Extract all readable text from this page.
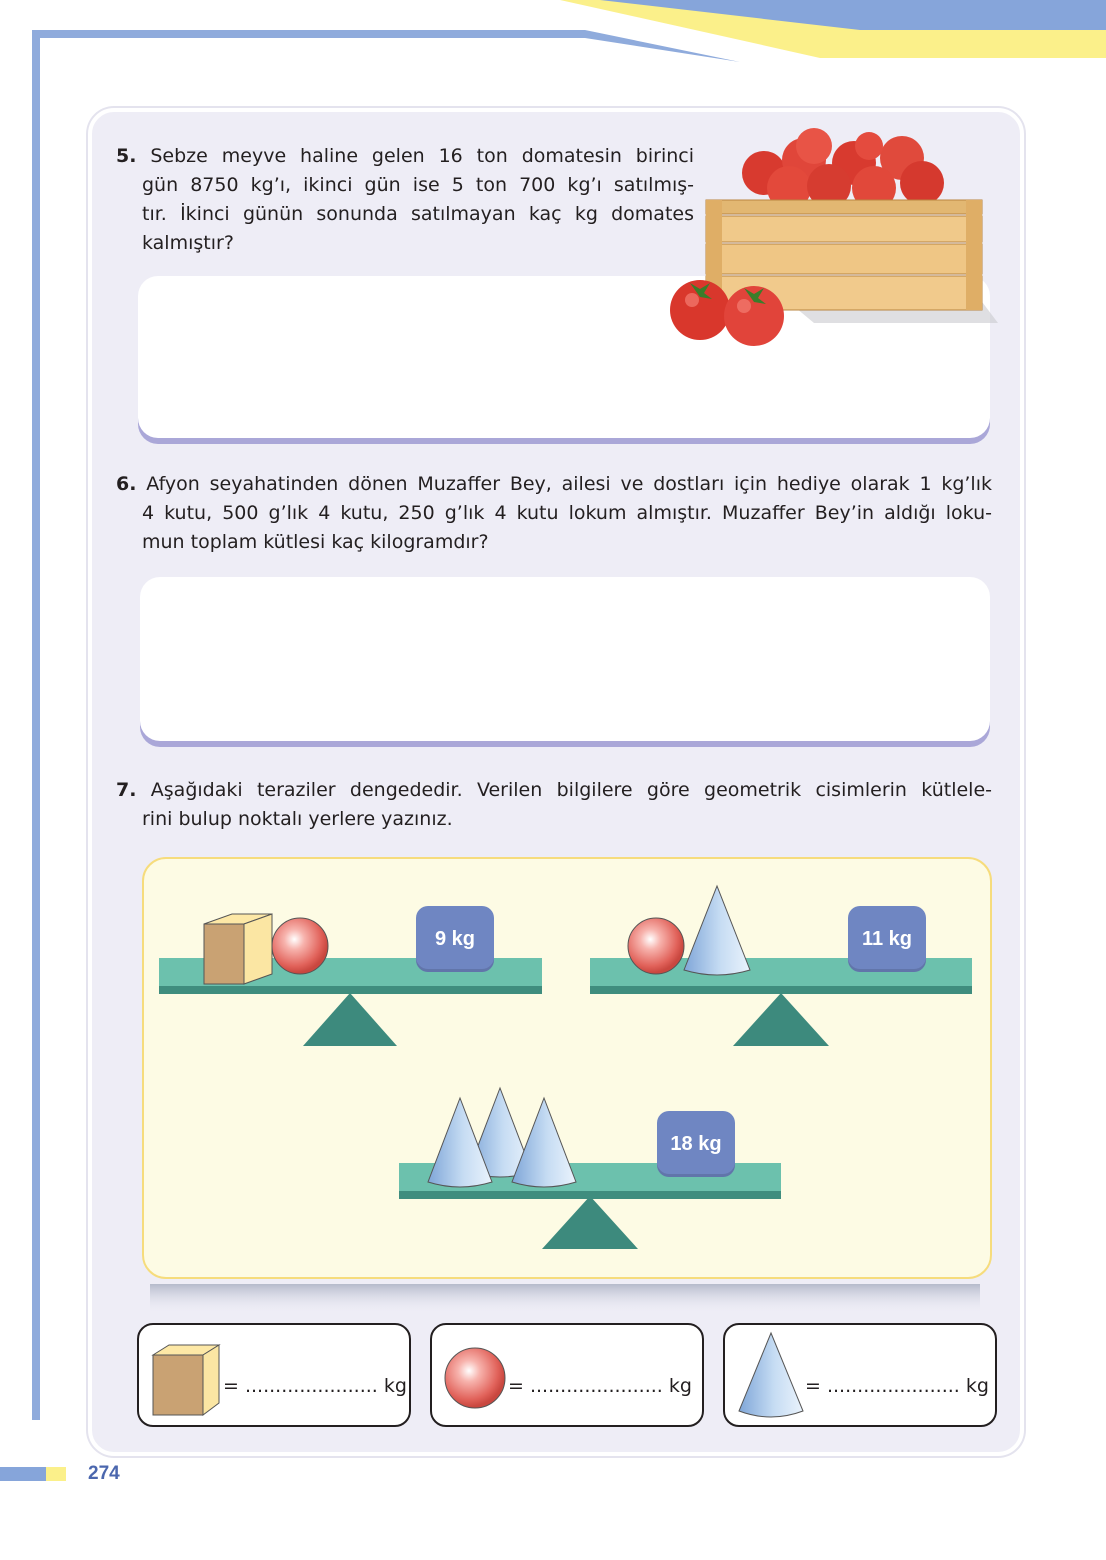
5. Sebze meyve haline gelen 16 ton domatesin birinci
gün 8750 kg’ı, ikinci gün ise 5 ton 700 kg’ı satılmış-
tır. İkinci günün sonunda satılmayan kaç kg domates
kalmıştır?
6. Afyon seyahatinden dönen Muzaffer Bey, ailesi ve dostları için hediye olarak 1 kg’lık
4 kutu, 500 g’lık 4 kutu, 250 g’lık 4 kutu lokum almıştır. Muzaffer Bey’in aldığı loku-
mun toplam kütlesi kaç kilogramdır?
7. Aşağıdaki teraziler dengededir. Verilen bilgilere göre geometrik cisimlerin kütlele-
rini bulup noktalı yerlere yazınız.
9 kg	11 kg
18 kg
= ...................... kg	= ...................... kg	= ...................... kg
274
